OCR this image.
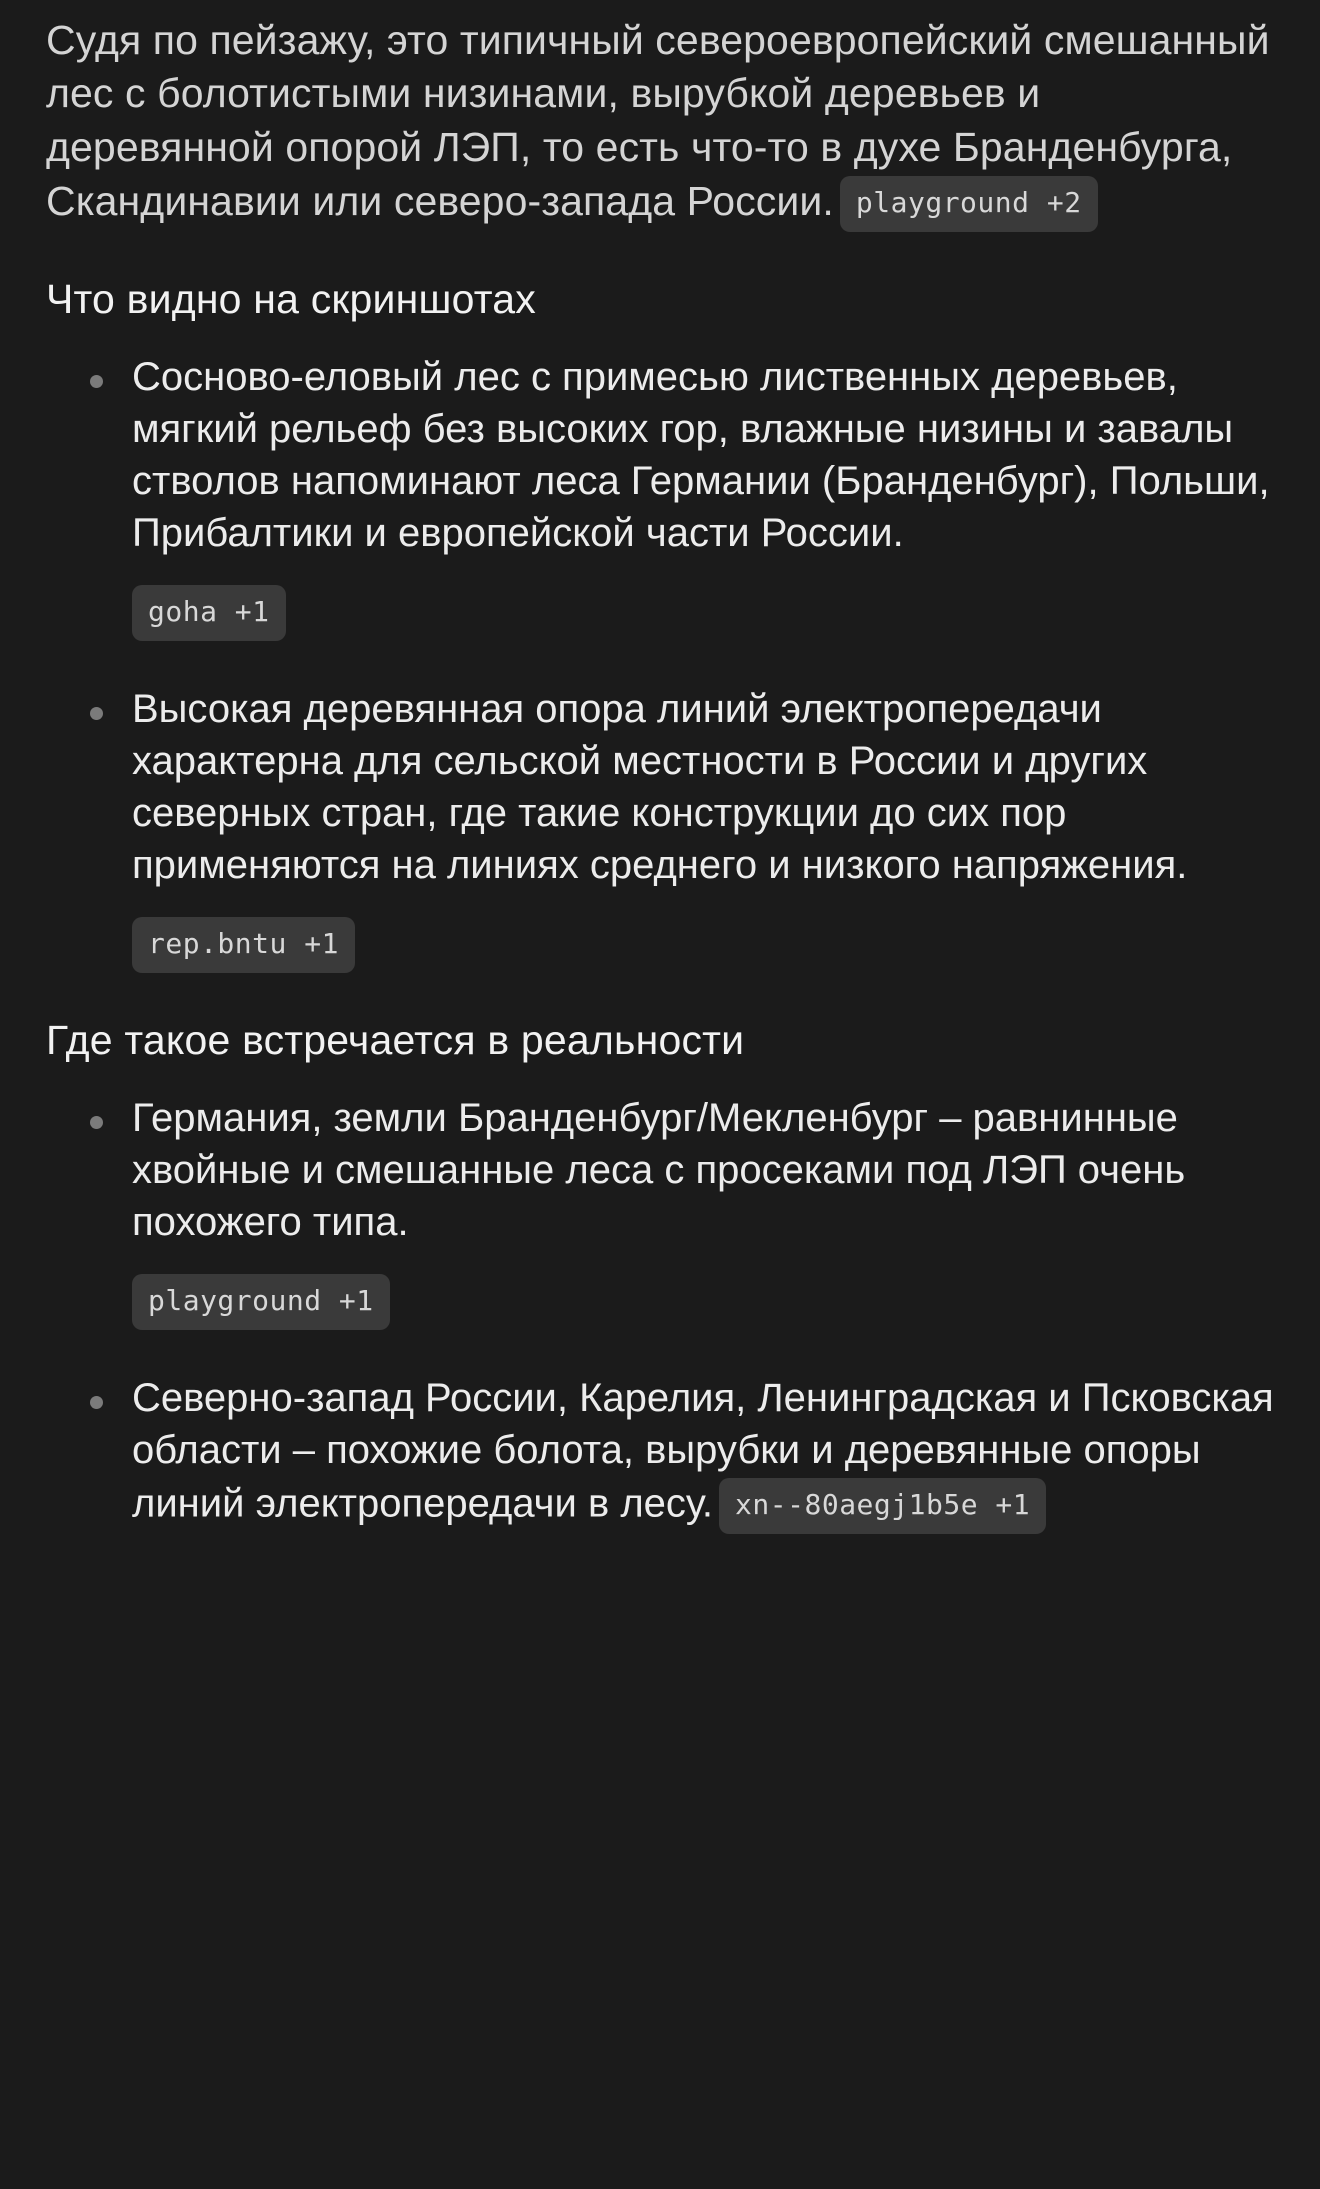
Судя по пейзажу, это типичный североевропейский смешанный лес с болотистыми низинами, вырубкой деревьев и деревянной опорой ЛЭП, то есть что-то в духе Бранденбурга, Скандинавии или северо-запада России. playground +2

Что видно на скриншотах
Сосново-еловый лес с примесью лиственных деревьев, мягкий рельеф без высоких гор, влажные низины и завалы стволов напоминают леса Германии (Бранденбург), Польши, Прибалтики и европейской части России.
goha +1
Высокая деревянная опора линий электропередачи характерна для сельской местности в России и других северных стран, где такие конструкции до сих пор применяются на линиях среднего и низкого напряжения.
rep.bntu +1
Где такое встречается в реальности
Германия, земли Бранденбург/Мекленбург – равнинные хвойные и смешанные леса с просеками под ЛЭП очень похожего типа.
playground +1
Северно-запад России, Карелия, Ленинградская и Псковская области – похожие болота, вырубки и деревянные опоры линий электропередачи в лесу. xn--80aegj1b5e +1
